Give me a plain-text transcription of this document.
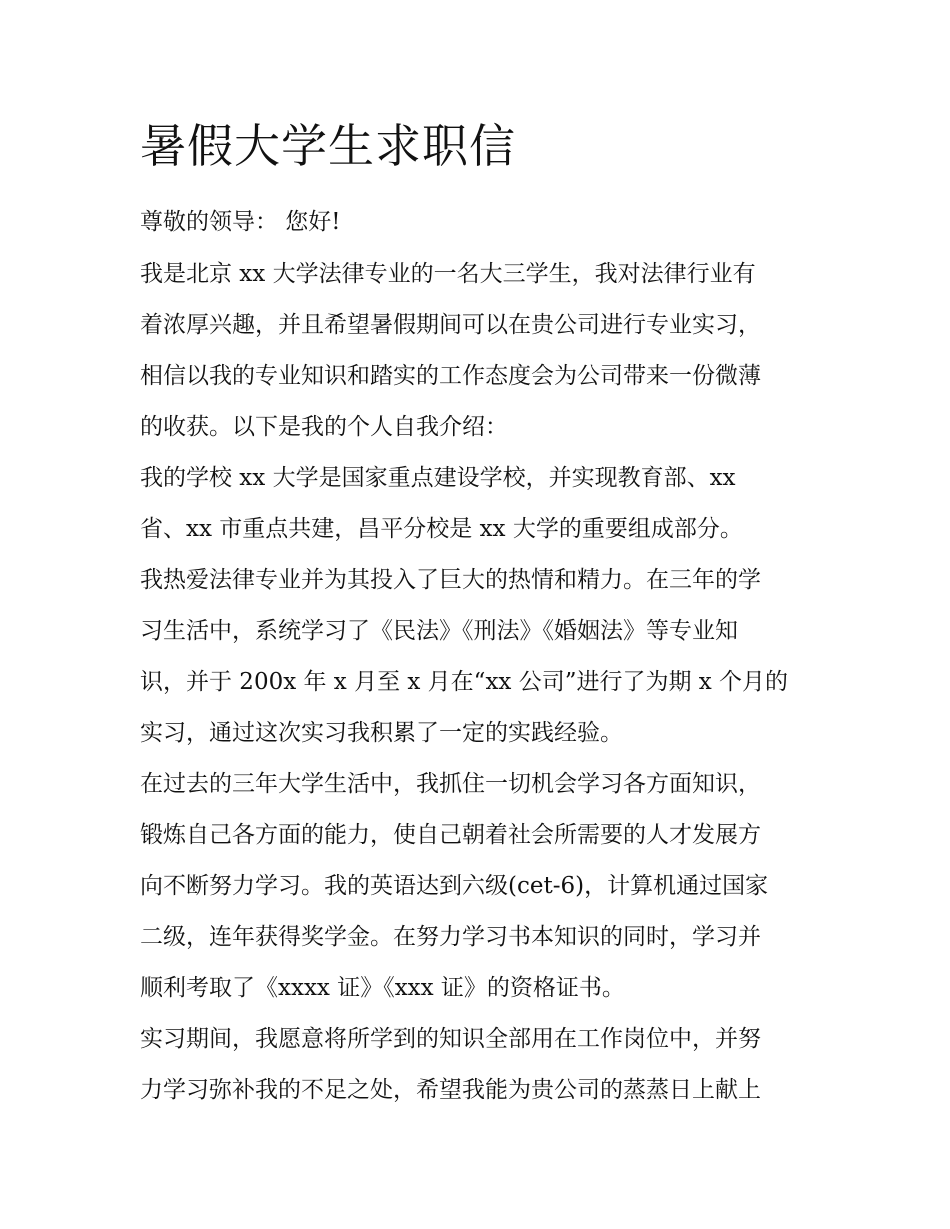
暑假大学生求职信

尊敬的领导： 您好!

我是北京 xx 大学法律专业的一名大三学生，我对法律行业有

着浓厚兴趣，并且希望暑假期间可以在贵公司进行专业实习，

相信以我的专业知识和踏实的工作态度会为公司带来一份微薄

的收获。以下是我的个人自我介绍：

我的学校 xx 大学是国家重点建设学校，并实现教育部、xx

省、xx 市重点共建，昌平分校是 xx 大学的重要组成部分。

我热爱法律专业并为其投入了巨大的热情和精力。在三年的学

习生活中，系统学习了《民法》《刑法》《婚姻法》等专业知

识，并于 200x 年 x 月至 x 月在“xx 公司”进行了为期 x 个月的

实习，通过这次实习我积累了一定的实践经验。

在过去的三年大学生活中，我抓住一切机会学习各方面知识，

锻炼自己各方面的能力，使自己朝着社会所需要的人才发展方

向不断努力学习。我的英语达到六级(cet-6)，计算机通过国家

二级，连年获得奖学金。在努力学习书本知识的同时，学习并

顺利考取了《xxxx 证》《xxx 证》的资格证书。

实习期间，我愿意将所学到的知识全部用在工作岗位中，并努

力学习弥补我的不足之处，希望我能为贵公司的蒸蒸日上献上
